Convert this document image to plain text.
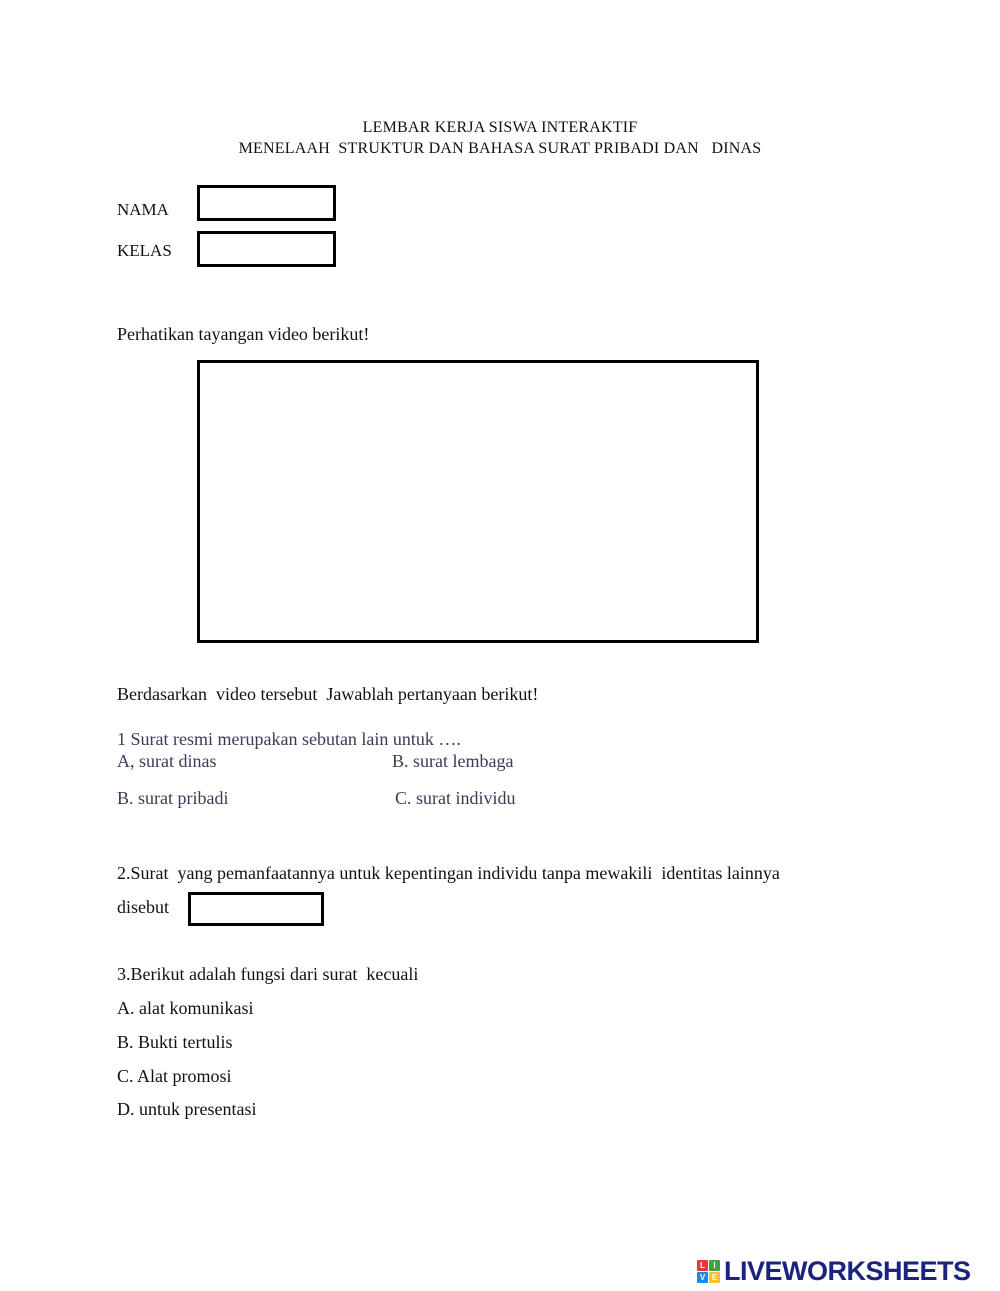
LEMBAR KERJA SISWA INTERAKTIF
MENELAAH  STRUKTUR DAN BAHASA SURAT PRIBADI DAN   DINAS
NAMA
KELAS
Perhatikan tayangan video berikut!
Berdasarkan  video tersebut  Jawablah pertanyaan berikut!
1 Surat resmi merupakan sebutan lain untuk ….
A, surat dinas	B. surat lembaga
B. surat pribadi	C. surat individu
2.Surat  yang pemanfaatannya untuk kepentingan individu tanpa mewakili  identitas lainnya
disebut
3.Berikut adalah fungsi dari surat  kecuali
A. alat komunikasi
B. Bukti tertulis
C. Alat promosi
D. untuk presentasi
L	I
V E LIVEWORKSHEETS
